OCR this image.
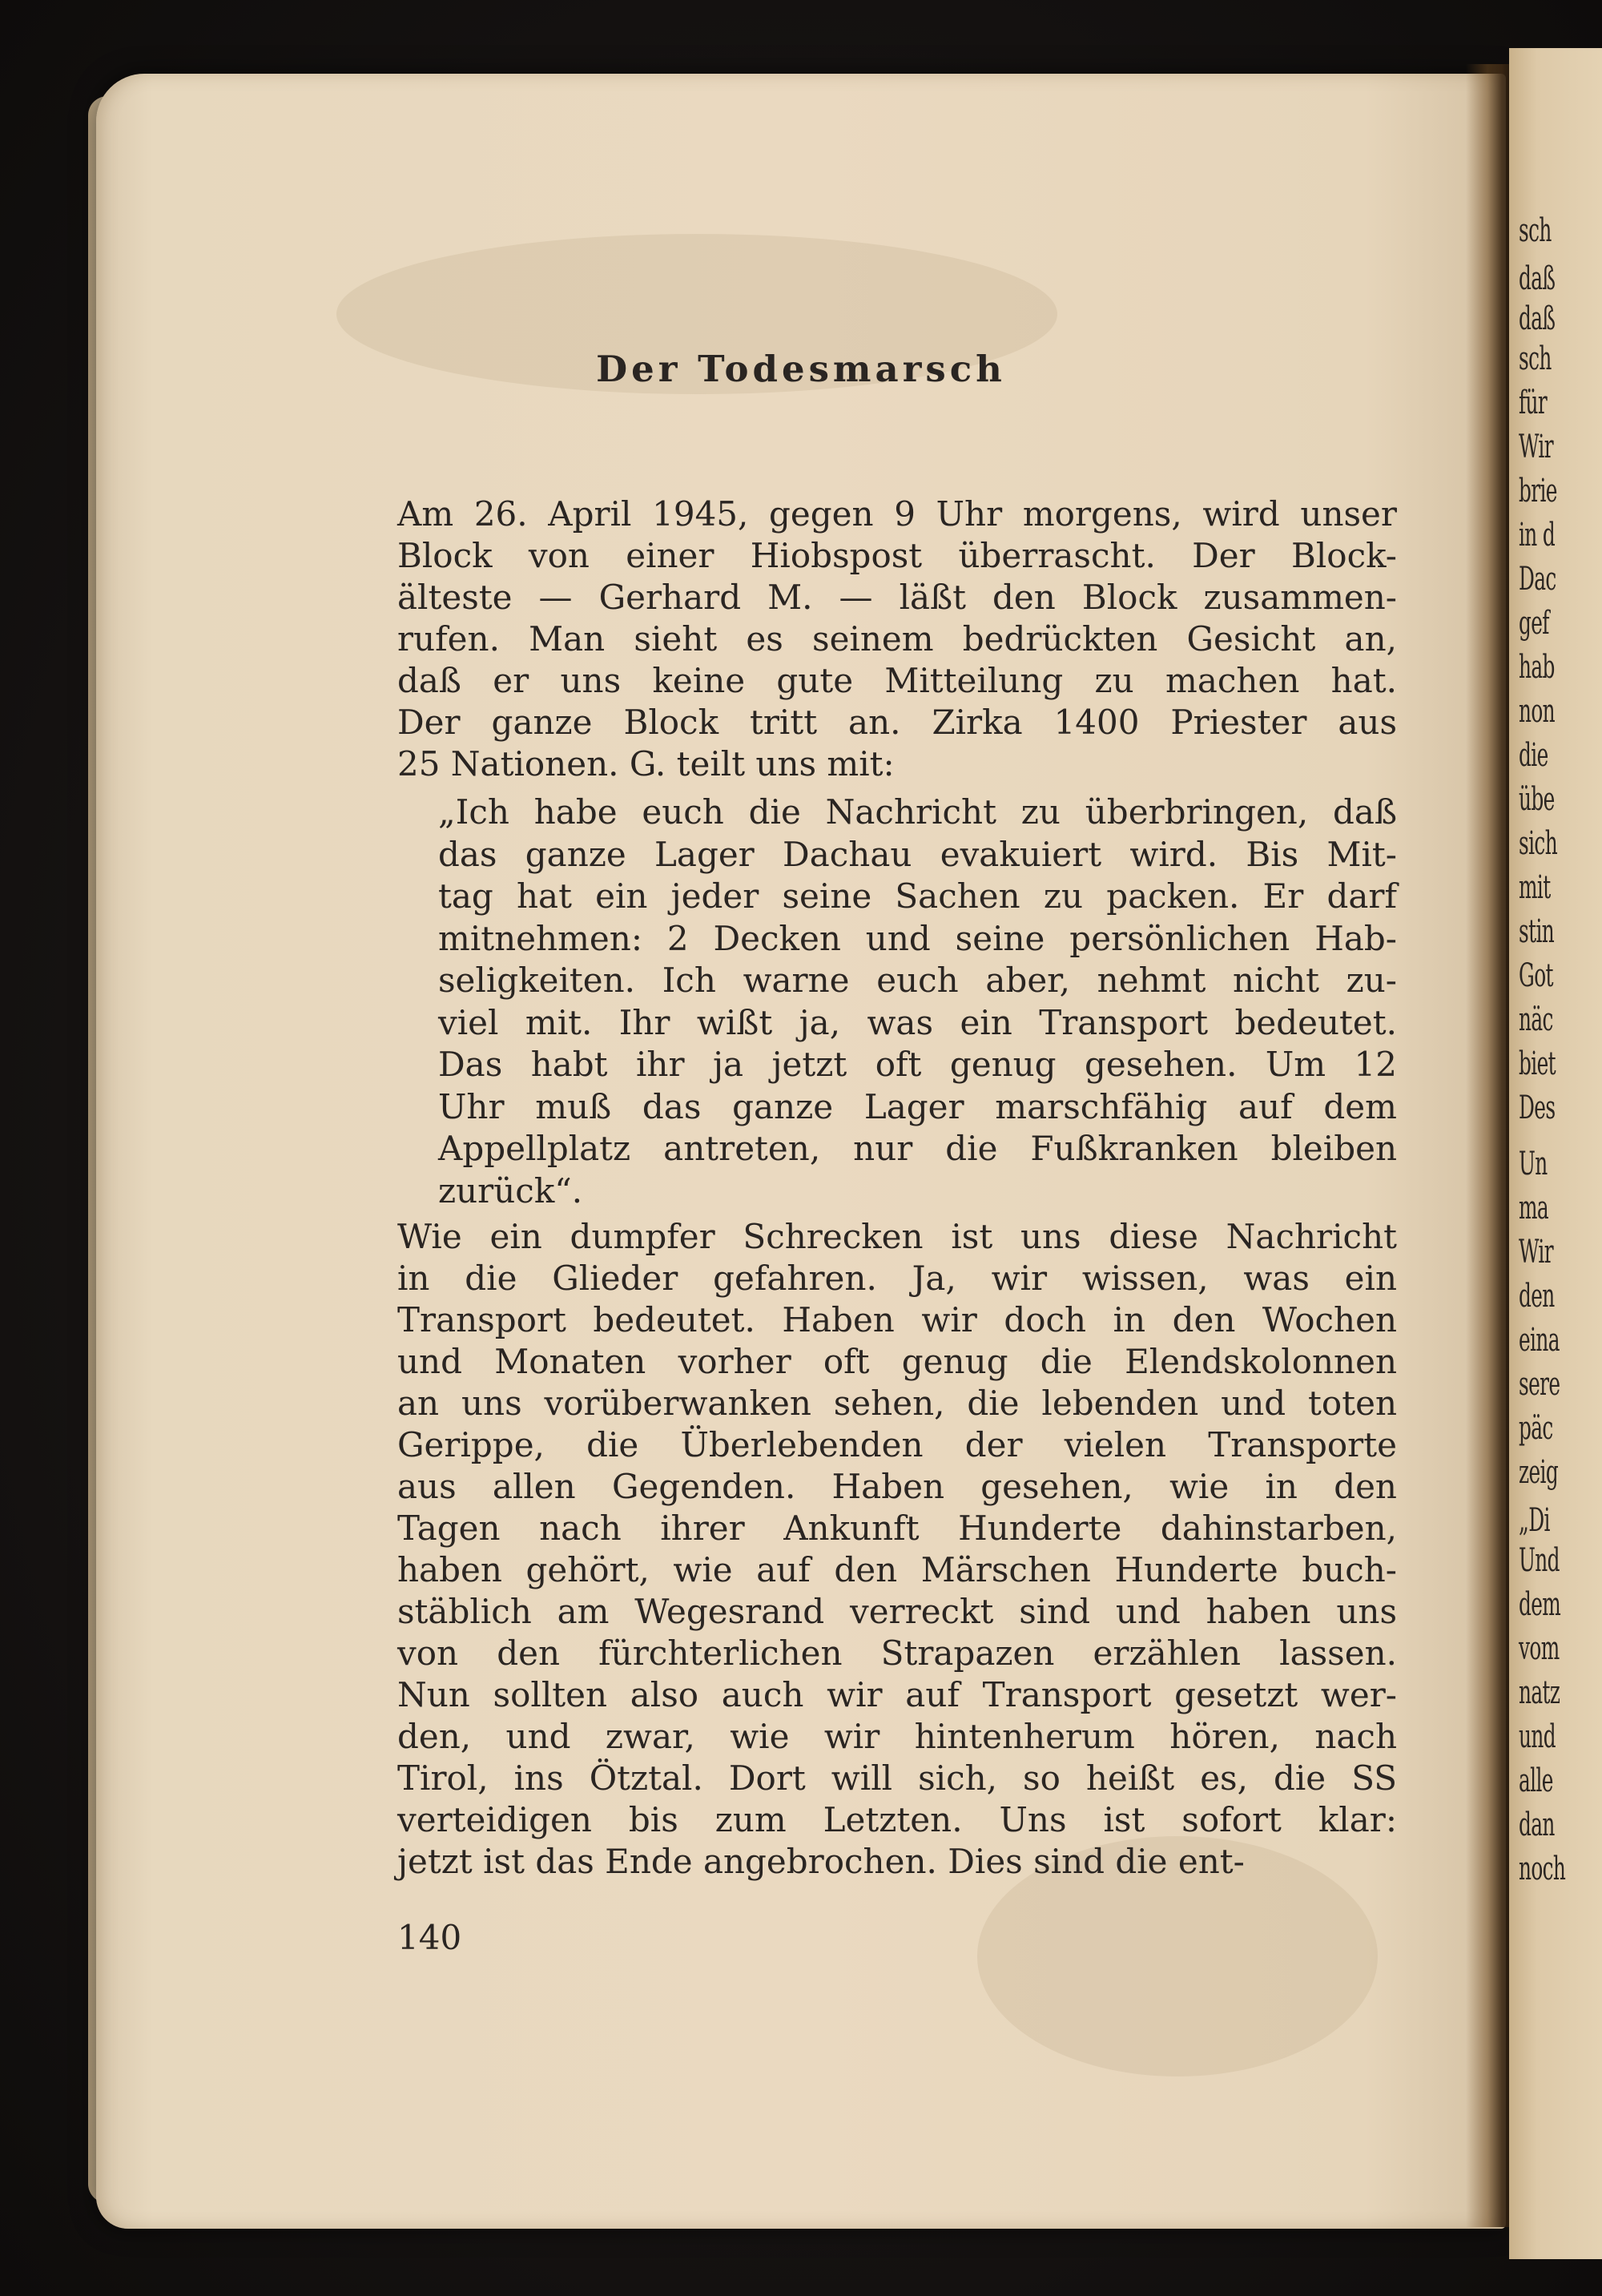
sch
daß
daß
sch
für
Wir
brie
in d
Dac
gef
hab
non
die
übe
sich
mit
stin
Got
näc
biet
Des
Un
ma
Wir
den
eina
sere
päc
zeig
„Di
Und
dem
vom
natz
und
alle
dan
noch
Der Todesmarsch
Am 26. April 1945, gegen 9 Uhr morgens, wird unser
Block von einer Hiobspost überrascht. Der Block-
älteste — Gerhard M. — läßt den Block zusammen-
rufen. Man sieht es seinem bedrückten Gesicht an,
daß er uns keine gute Mitteilung zu machen hat.
Der ganze Block tritt an. Zirka 1400 Priester aus
25 Nationen. G. teilt uns mit:
„Ich habe euch die Nachricht zu überbringen, daß
das ganze Lager Dachau evakuiert wird. Bis Mit-
tag hat ein jeder seine Sachen zu packen. Er darf
mitnehmen: 2 Decken und seine persönlichen Hab-
seligkeiten. Ich warne euch aber, nehmt nicht zu-
viel mit. Ihr wißt ja, was ein Transport bedeutet.
Das habt ihr ja jetzt oft genug gesehen. Um 12
Uhr muß das ganze Lager marschfähig auf dem
Appellplatz antreten, nur die Fußkranken bleiben
zurück“.
Wie ein dumpfer Schrecken ist uns diese Nachricht
in die Glieder gefahren. Ja, wir wissen, was ein
Transport bedeutet. Haben wir doch in den Wochen
und Monaten vorher oft genug die Elendskolonnen
an uns vorüberwanken sehen, die lebenden und toten
Gerippe, die Überlebenden der vielen Transporte
aus allen Gegenden. Haben gesehen, wie in den
Tagen nach ihrer Ankunft Hunderte dahinstarben,
haben gehört, wie auf den Märschen Hunderte buch-
stäblich am Wegesrand verreckt sind und haben uns
von den fürchterlichen Strapazen erzählen lassen.
Nun sollten also auch wir auf Transport gesetzt wer-
den, und zwar, wie wir hintenherum hören, nach
Tirol, ins Ötztal. Dort will sich, so heißt es, die SS
verteidigen bis zum Letzten. Uns ist sofort klar:
jetzt ist das Ende angebrochen. Dies sind die ent-
140
